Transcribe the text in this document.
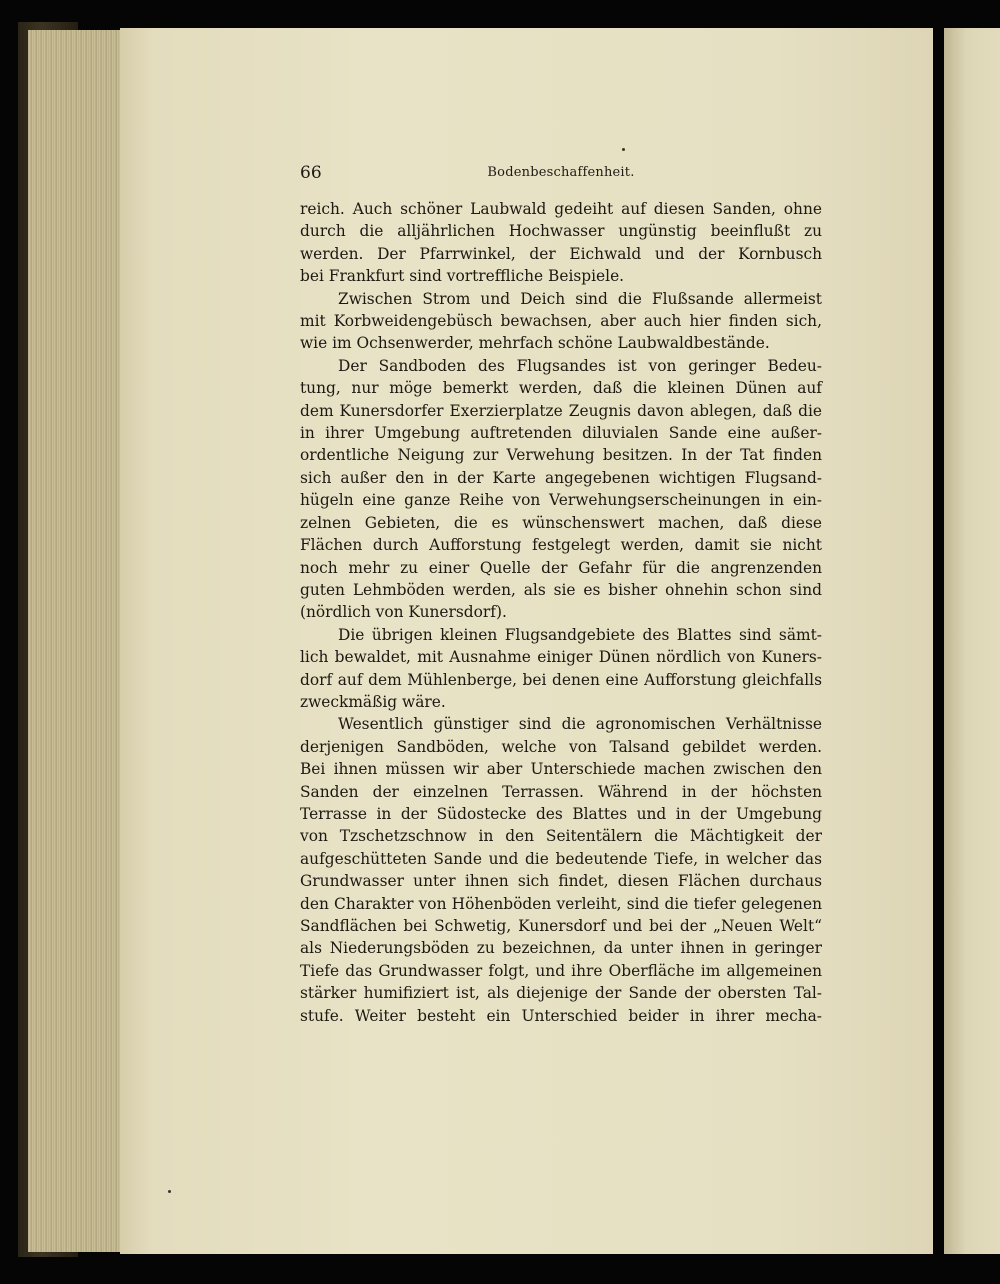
66	Bodenbeschaffenheit.

reich. Auch schöner Laubwald gedeiht auf diesen Sanden, ohne

durch die alljährlichen Hochwasser ungünstig beeinflußt zu

werden. Der Pfarrwinkel, der Eichwald und der Kornbusch

bei Frankfurt sind vortreffliche Beispiele.

Zwischen Strom und Deich sind die Flußsande allermeist

mit Korbweidengebüsch bewachsen, aber auch hier finden sich,

wie im Ochsenwerder, mehrfach schöne Laubwaldbestände.

Der Sandboden des Flugsandes ist von geringer Bedeu-

tung, nur möge bemerkt werden, daß die kleinen Dünen auf

dem Kunersdorfer Exerzierplatze Zeugnis davon ablegen, daß die

in ihrer Umgebung auftretenden diluvialen Sande eine außer-

ordentliche Neigung zur Verwehung besitzen. In der Tat finden

sich außer den in der Karte angegebenen wichtigen Flugsand-

hügeln eine ganze Reihe von Verwehungserscheinungen in ein-

zelnen Gebieten, die es wünschenswert machen, daß diese

Flächen durch Aufforstung festgelegt werden, damit sie nicht

noch mehr zu einer Quelle der Gefahr für die angrenzenden

guten Lehmböden werden, als sie es bisher ohnehin schon sind

(nördlich von Kunersdorf).

Die übrigen kleinen Flugsandgebiete des Blattes sind sämt-

lich bewaldet, mit Ausnahme einiger Dünen nördlich von Kuners-

dorf auf dem Mühlenberge, bei denen eine Aufforstung gleichfalls

zweckmäßig wäre.

Wesentlich günstiger sind die agronomischen Verhältnisse

derjenigen Sandböden, welche von Talsand gebildet werden.

Bei ihnen müssen wir aber Unterschiede machen zwischen den

Sanden der einzelnen Terrassen. Während in der höchsten

Terrasse in der Südostecke des Blattes und in der Umgebung

von Tzschetzschnow in den Seitentälern die Mächtigkeit der

aufgeschütteten Sande und die bedeutende Tiefe, in welcher das

Grundwasser unter ihnen sich findet, diesen Flächen durchaus

den Charakter von Höhenböden verleiht, sind die tiefer gelegenen

Sandflächen bei Schwetig, Kunersdorf und bei der „Neuen Welt“

als Niederungsböden zu bezeichnen, da unter ihnen in geringer

Tiefe das Grundwasser folgt, und ihre Oberfläche im allgemeinen

stärker humifiziert ist, als diejenige der Sande der obersten Tal-

stufe. Weiter besteht ein Unterschied beider in ihrer mecha-
